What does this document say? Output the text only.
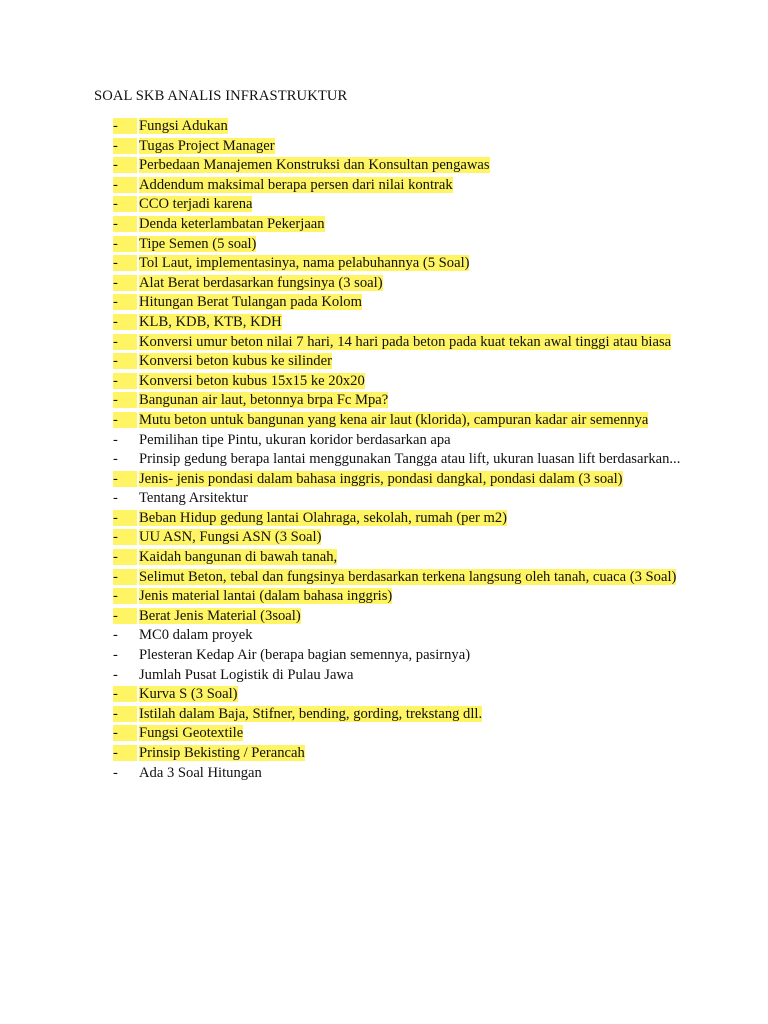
SOAL SKB ANALIS INFRASTRUKTUR
-	Fungsi Adukan
-	Tugas Project Manager
-	Perbedaan Manajemen Konstruksi dan Konsultan pengawas
-	Addendum maksimal berapa persen dari nilai kontrak
-	CCO terjadi karena
-	Denda keterlambatan Pekerjaan
-	Tipe Semen (5 soal)
-	Tol Laut, implementasinya, nama pelabuhannya (5 Soal)
-	Alat Berat berdasarkan fungsinya (3 soal)
-	Hitungan Berat Tulangan pada Kolom
-	KLB, KDB, KTB, KDH
-	Konversi umur beton nilai 7 hari, 14 hari pada beton pada kuat tekan awal tinggi atau biasa
-	Konversi beton kubus ke silinder
-	Konversi beton kubus 15x15 ke 20x20
-	Bangunan air laut, betonnya brpa Fc Mpa?
-	Mutu beton untuk bangunan yang kena air laut (klorida), campuran kadar air semennya
-	Pemilihan tipe Pintu, ukuran koridor berdasarkan apa
-	Prinsip gedung berapa lantai menggunakan Tangga atau lift, ukuran luasan lift berdasarkan...
-	Jenis- jenis pondasi dalam bahasa inggris, pondasi dangkal, pondasi dalam (3 soal)
-	Tentang Arsitektur
-	Beban Hidup gedung lantai Olahraga, sekolah, rumah (per m2)
-	UU ASN, Fungsi ASN (3 Soal)
-	Kaidah bangunan di bawah tanah,
-	Selimut Beton, tebal dan fungsinya berdasarkan terkena langsung oleh tanah, cuaca (3 Soal)
-	Jenis material lantai (dalam bahasa inggris)
-	Berat Jenis Material (3soal)
-	MC0 dalam proyek
-	Plesteran Kedap Air (berapa bagian semennya, pasirnya)
-	Jumlah Pusat Logistik di Pulau Jawa
-	Kurva S (3 Soal)
-	Istilah dalam Baja, Stifner, bending, gording, trekstang dll.
-	Fungsi Geotextile
-	Prinsip Bekisting / Perancah
-	Ada 3 Soal Hitungan
